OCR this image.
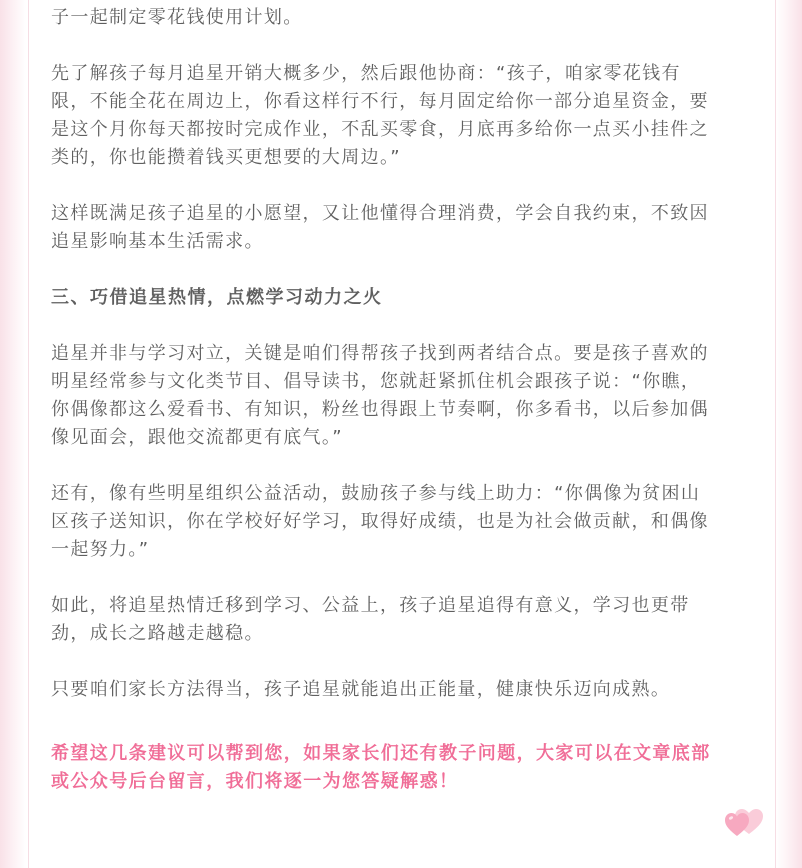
子一起制定零花钱使用计划。

先了解孩子每月追星开销大概多少，然后跟他协商：“孩子，咱家零花钱有
限，不能全花在周边上，你看这样行不行，每月固定给你一部分追星资金，要
是这个月你每天都按时完成作业，不乱买零食，月底再多给你一点买小挂件之
类的，你也能攒着钱买更想要的大周边。”

这样既满足孩子追星的小愿望，又让他懂得合理消费，学会自我约束，不致因
追星影响基本生活需求。

三、巧借追星热情，点燃学习动力之火

追星并非与学习对立，关键是咱们得帮孩子找到两者结合点。要是孩子喜欢的
明星经常参与文化类节目、倡导读书，您就赶紧抓住机会跟孩子说：“你瞧，
你偶像都这么爱看书、有知识，粉丝也得跟上节奏啊，你多看书，以后参加偶
像见面会，跟他交流都更有底气。”

还有，像有些明星组织公益活动，鼓励孩子参与线上助力：“你偶像为贫困山
区孩子送知识，你在学校好好学习，取得好成绩，也是为社会做贡献，和偶像
一起努力。”

如此，将追星热情迁移到学习、公益上，孩子追星追得有意义，学习也更带
劲，成长之路越走越稳。

只要咱们家长方法得当，孩子追星就能追出正能量，健康快乐迈向成熟。

希望这几条建议可以帮到您，如果家长们还有教子问题，大家可以在文章底部
或公众号后台留言，我们将逐一为您答疑解惑！
